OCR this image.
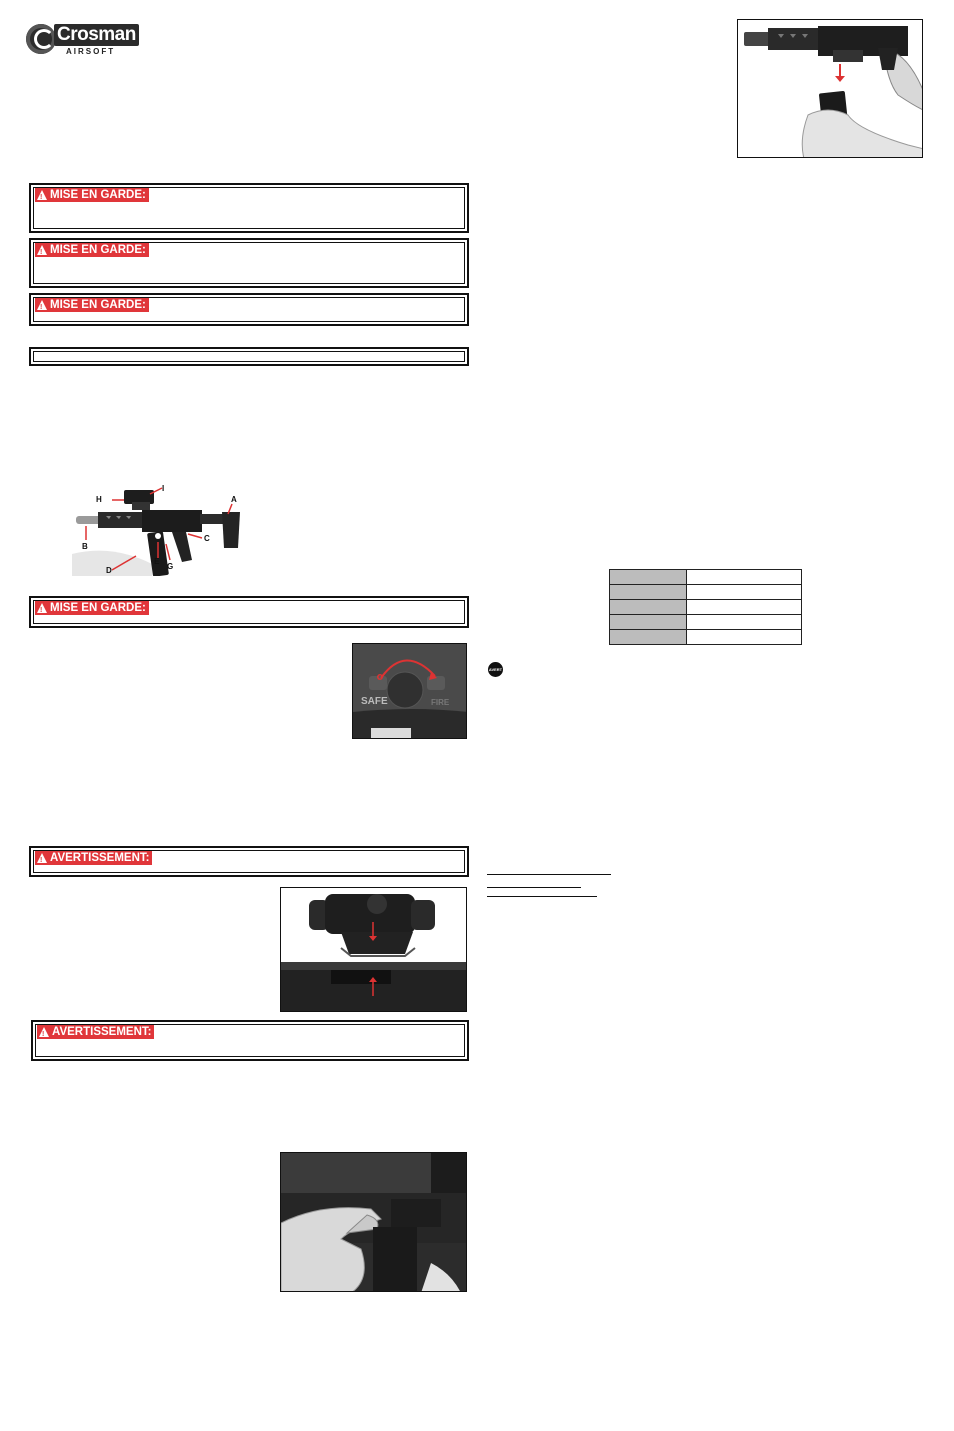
Crosman
AIRSOFT
!
MISE EN GARDE:
!
MISE EN GARDE:
!
MISE EN GARDE:
A
B
C
D
E
G
H
I
!
MISE EN GARDE:
SAFE	FIRE
!
AVERTISSEMENT:
!
AVERTISSEMENT:

AVERT
